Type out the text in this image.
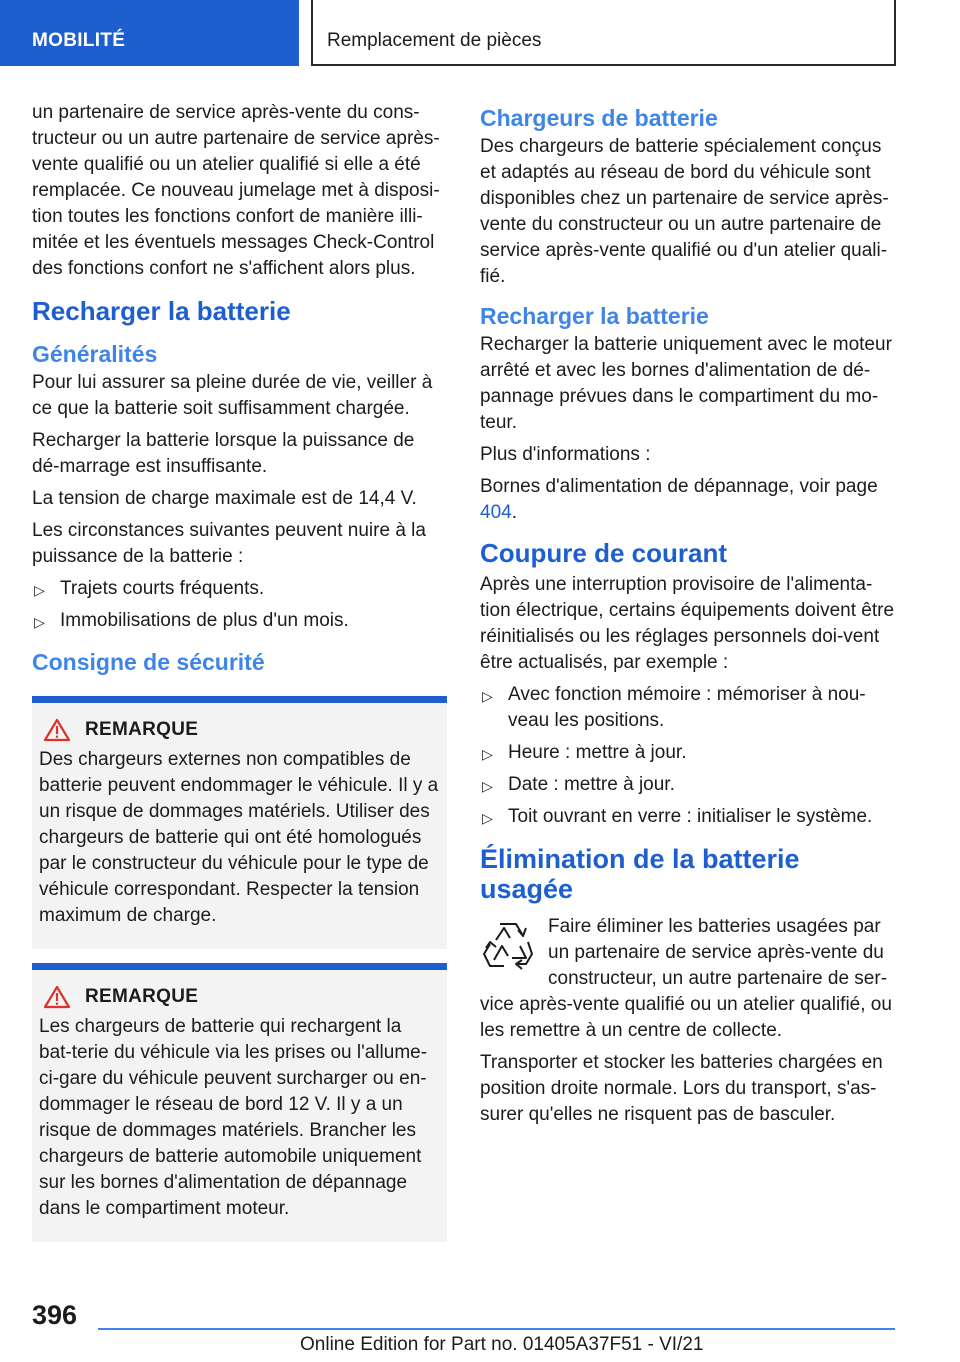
MOBILITÉ	Remplacement de pièces

un partenaire de service après-vente du cons-tructeur ou un autre partenaire de service après-vente qualifié ou un atelier qualifié si elle a été remplacée. Ce nouveau jumelage met à disposi-tion toutes les fonctions confort de manière illi-mitée et les éventuels messages Check-Control des fonctions confort ne s'affichent alors plus.

Recharger la batterie
Généralités

Pour lui assurer sa pleine durée de vie, veiller à ce que la batterie soit suffisamment chargée.

Recharger la batterie lorsque la puissance de dé-marrage est insuffisante.

La tension de charge maximale est de 14,4 V.

Les circonstances suivantes peuvent nuire à la puissance de la batterie :

▷ Trajets courts fréquents.
▷ Immobilisations de plus d'un mois.
Consigne de sécurité
REMARQUE

Des chargeurs externes non compatibles de batterie peuvent endommager le véhicule. Il y a un risque de dommages matériels. Utiliser des chargeurs de batterie qui ont été homologués par le constructeur du véhicule pour le type de véhicule correspondant. Respecter la tension maximum de charge.

REMARQUE

Les chargeurs de batterie qui rechargent la bat-terie du véhicule via les prises ou l'allume-ci-gare du véhicule peuvent surcharger ou en-dommager le réseau de bord 12 V. Il y a un risque de dommages matériels. Brancher les chargeurs de batterie automobile uniquement sur les bornes d'alimentation de dépannage dans le compartiment moteur.

Chargeurs de batterie

Des chargeurs de batterie spécialement conçus et adaptés au réseau de bord du véhicule sont disponibles chez un partenaire de service après-vente du constructeur ou un autre partenaire de service après-vente qualifié ou d'un atelier quali-fié.

Recharger la batterie

Recharger la batterie uniquement avec le moteur arrêté et avec les bornes d'alimentation de dé-pannage prévues dans le compartiment du mo-teur.

Plus d'informations :

Bornes d'alimentation de dépannage, voir page 404.

Coupure de courant

Après une interruption provisoire de l'alimenta-tion électrique, certains équipements doivent être réinitialisés ou les réglages personnels doi-vent être actualisés, par exemple :

▷ Avec fonction mémoire : mémoriser à nou-veau les positions.
▷ Heure : mettre à jour.
▷ Date : mettre à jour.
▷ Toit ouvrant en verre : initialiser le système.
Élimination de la batterie usagée

Faire éliminer les batteries usagées par un partenaire de service après-vente du constructeur, un autre partenaire de ser-vice après-vente qualifié ou un atelier qualifié, ou les remettre à un centre de collecte.

Transporter et stocker les batteries chargées en position droite normale. Lors du transport, s'as-surer qu'elles ne risquent pas de basculer.

396
Online Edition for Part no. 01405A37F51 - VI/21
